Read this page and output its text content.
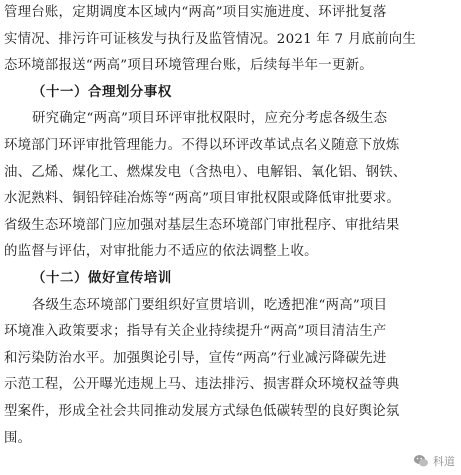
管理台账，定期调度本区域内“两高”项目实施进度、环评批复落
实情况、排污许可证核发与执行及监管情况。2021 年 7 月底前向生
态环境部报送“两高”项目环境管理台账，后续每半年一更新。
（十一）合理划分事权
研究确定“两高”项目环评审批权限时，应充分考虑各级生态
环境部门环评审批管理能力。不得以环评改革试点名义随意下放炼
油、乙烯、煤化工、燃煤发电（含热电）、电解铝、氧化铝、钢铁、
水泥熟料、铜铅锌硅冶炼等“两高”项目审批权限或降低审批要求。
省级生态环境部门应加强对基层生态环境部门审批程序、审批结果
的监督与评估，对审批能力不适应的依法调整上收。
（十二）做好宣传培训
各级生态环境部门要组织好宣贯培训，吃透把准“两高”项目
环境准入政策要求；指导有关企业持续提升“两高”项目清洁生产
和污染防治水平。加强舆论引导，宣传“两高”行业减污降碳先进
示范工程，公开曝光违规上马、违法排污、损害群众环境权益等典
型案件，形成全社会共同推动发展方式绿色低碳转型的良好舆论氛
围。
科道
